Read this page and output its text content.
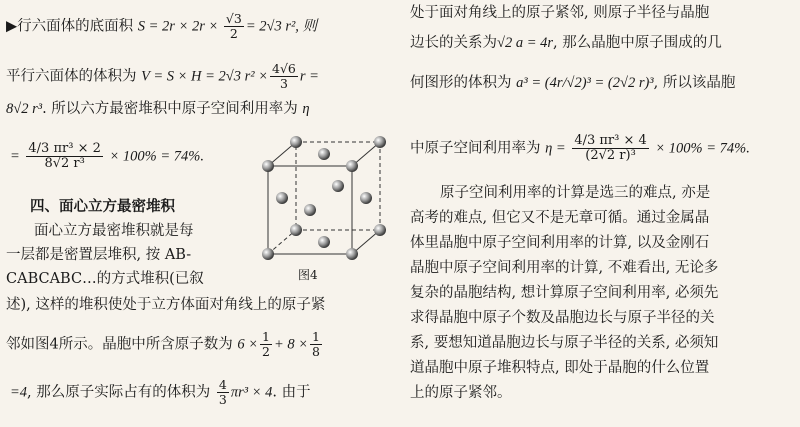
▶行六面体的底面积 $S = 2r \times 2r \times \frac{√3}{2} = 2√3$ r², 则
平行六面体的体积为 V = S × H = 2√3 $r^2 \times \frac{4√6}{3}$ r =
8√2 r³. 所以六方最密堆积中原子空间利用率为 η
= $\frac{\text{4/3 πr³ × 2}}{\text{8√2 r³}} \times 100\% = 74\%$.
四、面心立方最密堆积
面心立方最密堆积就是每
一层都是密置层堆积, 按 AB-
CABCABC…的方式堆积(已叙
述), 这样的堆积使处于立方体面对角线上的原子紧
邻如图4所示。晶胞中所含原子数为 $6 \times \frac{1}{2} + 8 \times \frac{1}{8}$
=4, 那么原子实际占有的体积为 $\frac{4}{3} \pi r^3 \times 4$. 由于
图4
处于面对角线上的原子紧邻, 则原子半径与晶胞
边长的关系为√2 a = 4r, 那么晶胞中原子围成的几
何图形的体积为 a³ = (4r/√2)³ = (2√2 r)³, 所以该晶胞
中原子空间利用率为 $\eta = \frac{\text{4/3 πr³ × 4}}{\text{(2√2 r)³}} \times 100\% = 74\%$.
原子空间利用率的计算是选三的难点, 亦是
高考的难点, 但它又不是无章可循。通过金属晶
体里晶胞中原子空间利用率的计算, 以及金刚石
晶胞中原子空间利用率的计算, 不难看出, 无论多
复杂的晶胞结构, 想计算原子空间利用率, 必须先
求得晶胞中原子个数及晶胞边长与原子半径的关
系, 要想知道晶胞边长与原子半径的关系, 必须知
道晶胞中原子堆积特点, 即处于晶胞的什么位置
上的原子紧邻。
